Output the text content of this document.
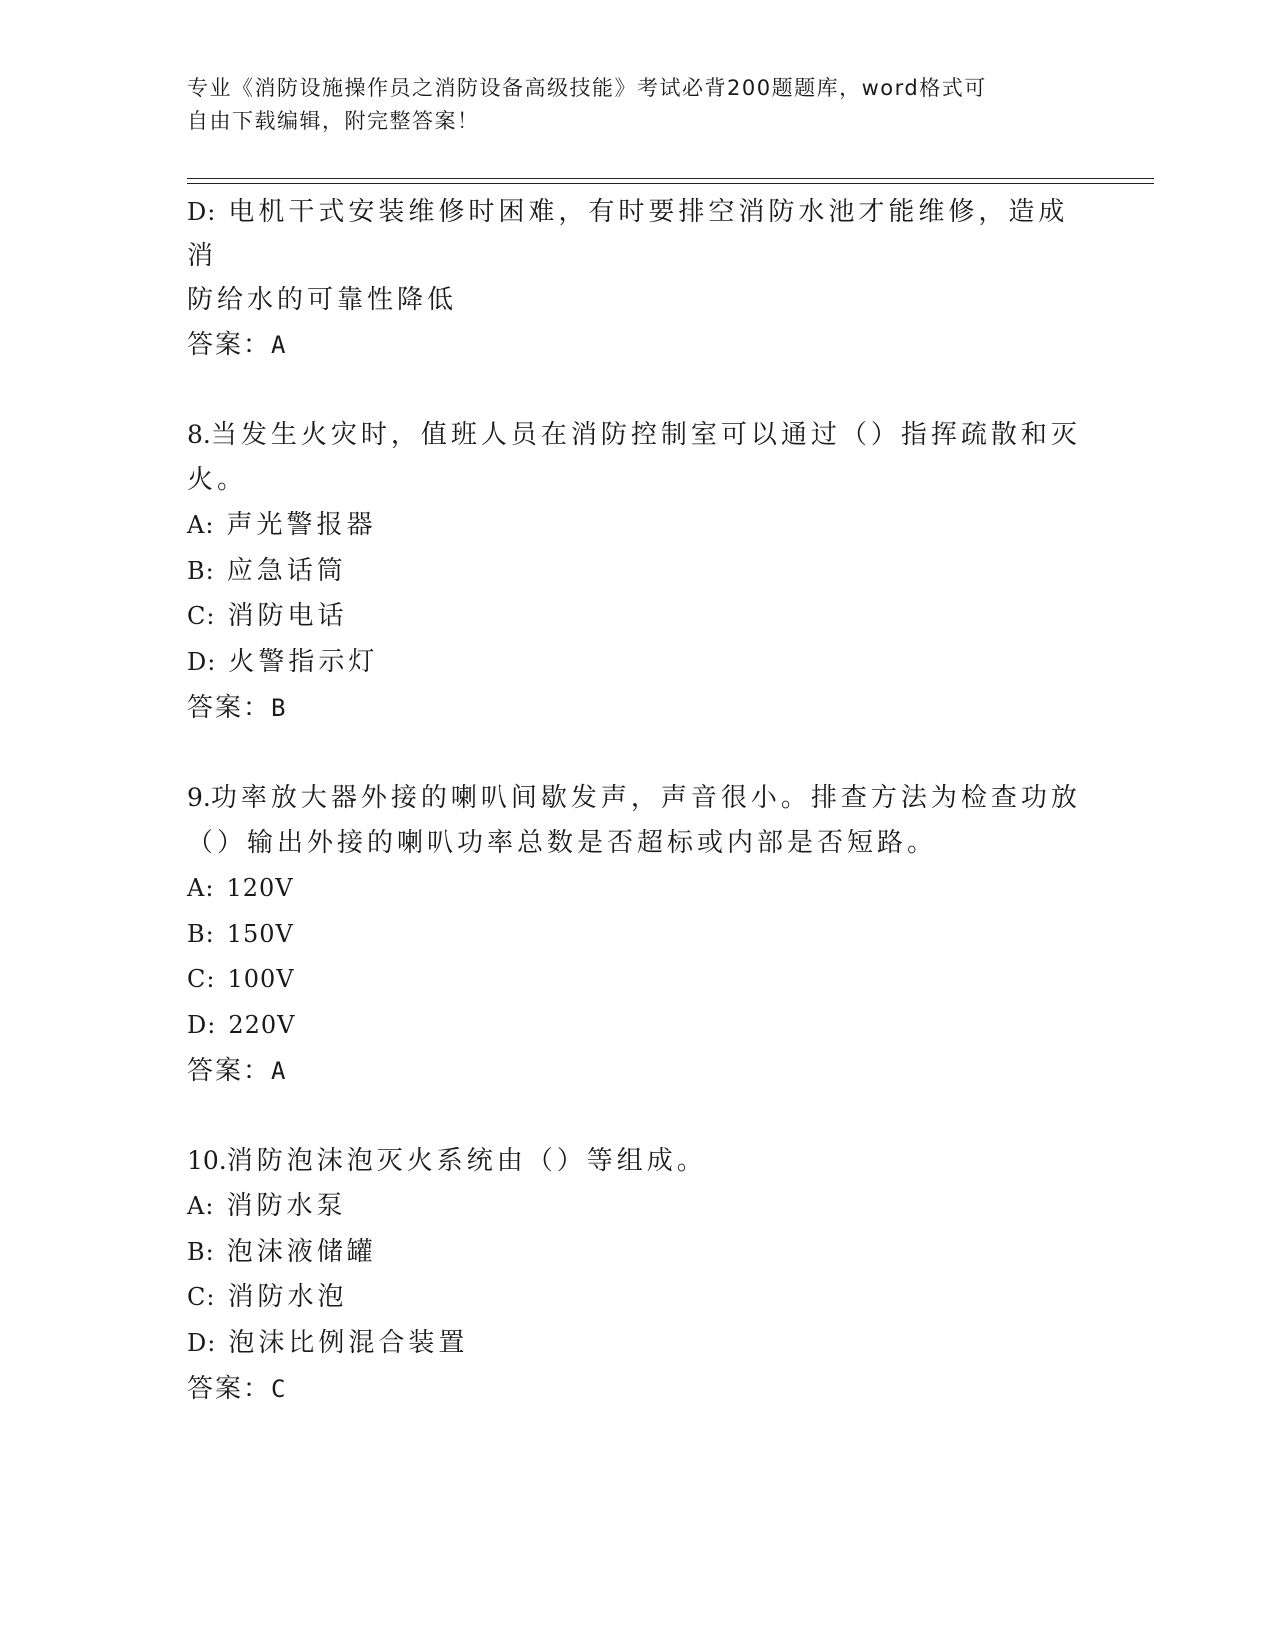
专业《消防设施操作员之消防设备高级技能》考试必背200题题库，word格式可
自由下载编辑，附完整答案！
D: 电机干式安装维修时困难，有时要排空消防水池才能维修，造成消
防给水的可靠性降低
答案：A
8.当发生火灾时，值班人员在消防控制室可以通过（）指挥疏散和灭
火。
A: 声光警报器
B: 应急话筒
C: 消防电话
D: 火警指示灯
答案：B
9.功率放大器外接的喇叭间歇发声，声音很小。排查方法为检查功放
（）输出外接的喇叭功率总数是否超标或内部是否短路。
A: 120V
B: 150V
C: 100V
D: 220V
答案：A
10.消防泡沫泡灭火系统由（）等组成。
A: 消防水泵
B: 泡沫液储罐
C: 消防水泡
D: 泡沫比例混合装置
答案：C
